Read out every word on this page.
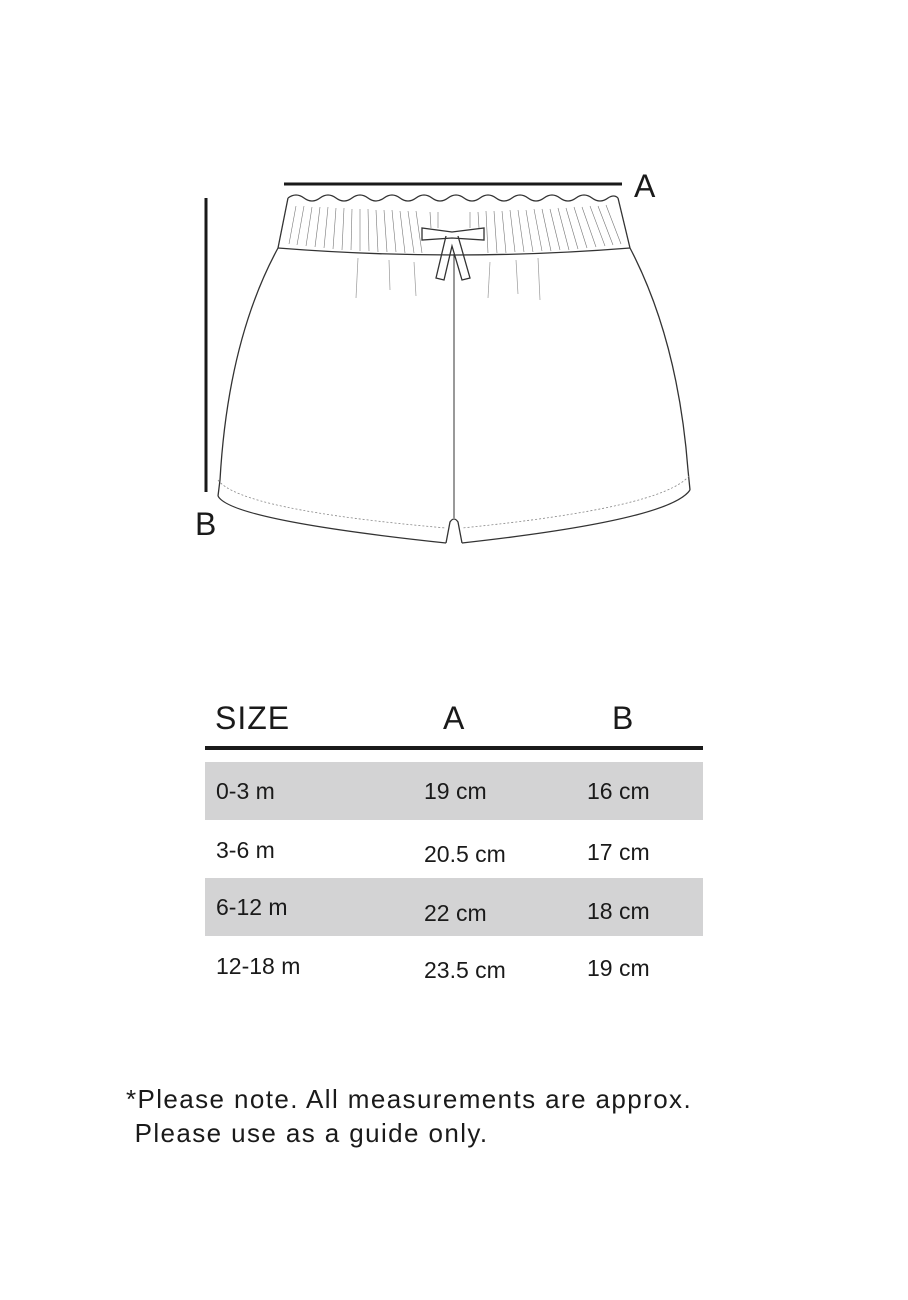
A
B
SIZE	A	B
0-3 m	19 cm	16 cm
3-6 m	20.5 cm	17 cm
6-12 m	22 cm	18 cm
12-18 m	23.5 cm	19 cm
*Please note. All measurements are approx.
Please use as a guide only.
